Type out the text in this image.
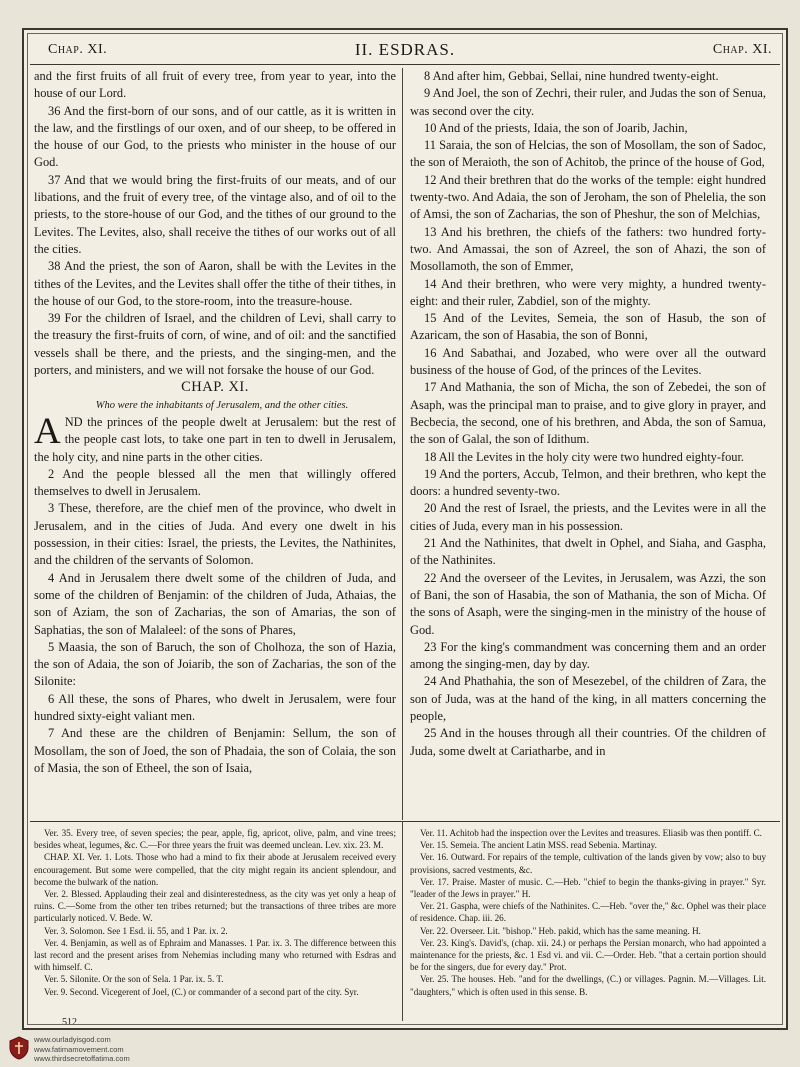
Chap. XI.	II. ESDRAS.	Chap. XI.

and the first fruits of all fruit of every tree, from year to year, into the house of our Lord.

36 And the first-born of our sons, and of our cattle, as it is written in the law, and the firstlings of our oxen, and of our sheep, to be offered in the house of our God, to the priests who minister in the house of our God.

37 And that we would bring the first-fruits of our meats, and of our libations, and the fruit of every tree, of the vintage also, and of oil to the priests, to the store-house of our God, and the tithes of our ground to the Levites. The Levites, also, shall receive the tithes of our works out of all the cities.

38 And the priest, the son of Aaron, shall be with the Levites in the tithes of the Levites, and the Levites shall offer the tithe of their tithes, in the house of our God, to the store-room, into the treasure-house.

39 For the children of Israel, and the children of Levi, shall carry to the treasury the first-fruits of corn, of wine, and of oil: and the sanctified vessels shall be there, and the priests, and the singing-men, and the porters, and ministers, and we will not forsake the house of our God.

CHAP. XI.

Who were the inhabitants of Jerusalem, and the other cities.

AND the princes of the people dwelt at Jerusalem: but the rest of the people cast lots, to take one part in ten to dwell in Jerusalem, the holy city, and nine parts in the other cities.

2 And the people blessed all the men that willingly offered themselves to dwell in Jerusalem.

3 These, therefore, are the chief men of the province, who dwelt in Jerusalem, and in the cities of Juda. And every one dwelt in his possession, in their cities: Israel, the priests, the Levites, the Nathinites, and the children of the servants of Solomon.

4 And in Jerusalem there dwelt some of the children of Juda, and some of the children of Benjamin: of the children of Juda, Athaias, the son of Aziam, the son of Zacharias, the son of Amarias, the son of Saphatias, the son of Malaleel: of the sons of Phares,

5 Maasia, the son of Baruch, the son of Cholhoza, the son of Hazia, the son of Adaia, the son of Joiarib, the son of Zacharias, the son of the Silonite:

6 All these, the sons of Phares, who dwelt in Jerusalem, were four hundred sixty-eight valiant men.

7 And these are the children of Benjamin: Sellum, the son of Mosollam, the son of Joed, the son of Phadaia, the son of Colaia, the son of Masia, the son of Etheel, the son of Isaia,

8 And after him, Gebbai, Sellai, nine hundred twenty-eight.

9 And Joel, the son of Zechri, their ruler, and Judas the son of Senua, was second over the city.

10 And of the priests, Idaia, the son of Joarib, Jachin,

11 Saraia, the son of Helcias, the son of Mosollam, the son of Sadoc, the son of Meraioth, the son of Achitob, the prince of the house of God,

12 And their brethren that do the works of the temple: eight hundred twenty-two. And Adaia, the son of Jeroham, the son of Phelelia, the son of Amsi, the son of Zacharias, the son of Pheshur, the son of Melchias,

13 And his brethren, the chiefs of the fathers: two hundred forty-two. And Amassai, the son of Azreel, the son of Ahazi, the son of Mosollamoth, the son of Emmer,

14 And their brethren, who were very mighty, a hundred twenty-eight: and their ruler, Zabdiel, son of the mighty.

15 And of the Levites, Semeia, the son of Hasub, the son of Azaricam, the son of Hasabia, the son of Bonni,

16 And Sabathai, and Jozabed, who were over all the outward business of the house of God, of the princes of the Levites.

17 And Mathania, the son of Micha, the son of Zebedei, the son of Asaph, was the principal man to praise, and to give glory in prayer, and Becbecia, the second, one of his brethren, and Abda, the son of Samua, the son of Galal, the son of Idithum.

18 All the Levites in the holy city were two hundred eighty-four.

19 And the porters, Accub, Telmon, and their brethren, who kept the doors: a hundred seventy-two.

20 And the rest of Israel, the priests, and the Levites were in all the cities of Juda, every man in his possession.

21 And the Nathinites, that dwelt in Ophel, and Siaha, and Gaspha, of the Nathinites.

22 And the overseer of the Levites, in Jerusalem, was Azzi, the son of Bani, the son of Hasabia, the son of Mathania, the son of Micha. Of the sons of Asaph, were the singing-men in the ministry of the house of God.

23 For the king's commandment was concerning them and an order among the singing-men, day by day.

24 And Phathahia, the son of Mesezebel, of the children of Zara, the son of Juda, was at the hand of the king, in all matters concerning the people,

25 And in the houses through all their countries. Of the children of Juda, some dwelt at Cariatharbe, and in

Ver. 35. Every tree, of seven species; the pear, apple, fig, apricot, olive, palm, and vine trees; besides wheat, legumes, &c. C.—For three years the fruit was deemed unclean. Lev. xix. 23. M.

CHAP. XI. Ver. 1. Lots. Those who had a mind to fix their abode at Jerusalem received every encouragement. But some were compelled, that the city might regain its ancient splendour, and become the bulwark of the nation.

Ver. 2. Blessed. Applauding their zeal and disinterestedness, as the city was yet only a heap of ruins. C.—Some from the other ten tribes returned; but the transactions of three tribes are more particularly noticed. V. Bede. W.

Ver. 3. Solomon. See 1 Esd. ii. 55, and 1 Par. ix. 2.

Ver. 4. Benjamin, as well as of Ephraim and Manasses. 1 Par. ix. 3. The difference between this last record and the present arises from Nehemias including many who returned with Esdras and with himself. C.

Ver. 5. Silonite. Or the son of Sela. 1 Par. ix. 5. T.

Ver. 9. Second. Vicegerent of Joel, (C.) or commander of a second part of the city. Syr.

Ver. 11. Achitob had the inspection over the Levites and treasures. Eliasib was then pontiff. C.

Ver. 15. Semeia. The ancient Latin MSS. read Sebenia. Martinay.

Ver. 16. Outward. For repairs of the temple, cultivation of the lands given by vow; also to buy provisions, sacred vestments, &c.

Ver. 17. Praise. Master of music. C.—Heb. "chief to begin the thanks-giving in prayer." Syr. "leader of the Jews in prayer." H.

Ver. 21. Gaspha, were chiefs of the Nathinites. C.—Heb. "over the," &c. Ophel was their place of residence. Chap. iii. 26.

Ver. 22. Overseer. Lit. "bishop." Heb. pakid, which has the same meaning. H.

Ver. 23. King's. David's, (chap. xii. 24.) or perhaps the Persian monarch, who had appointed a maintenance for the priests, &c. 1 Esd vi. and vii. C.—Order. Heb. "that a certain portion should be for the singers, due for every day." Prot.

Ver. 25. The houses. Heb. "and for the dwellings, (C.) or villages. Pagnin. M.—Villages. Lit. "daughters," which is often used in this sense. B.

512
www.ourladyisgod.com
www.fatimamovement.com
www.thirdsecretoffatima.com
